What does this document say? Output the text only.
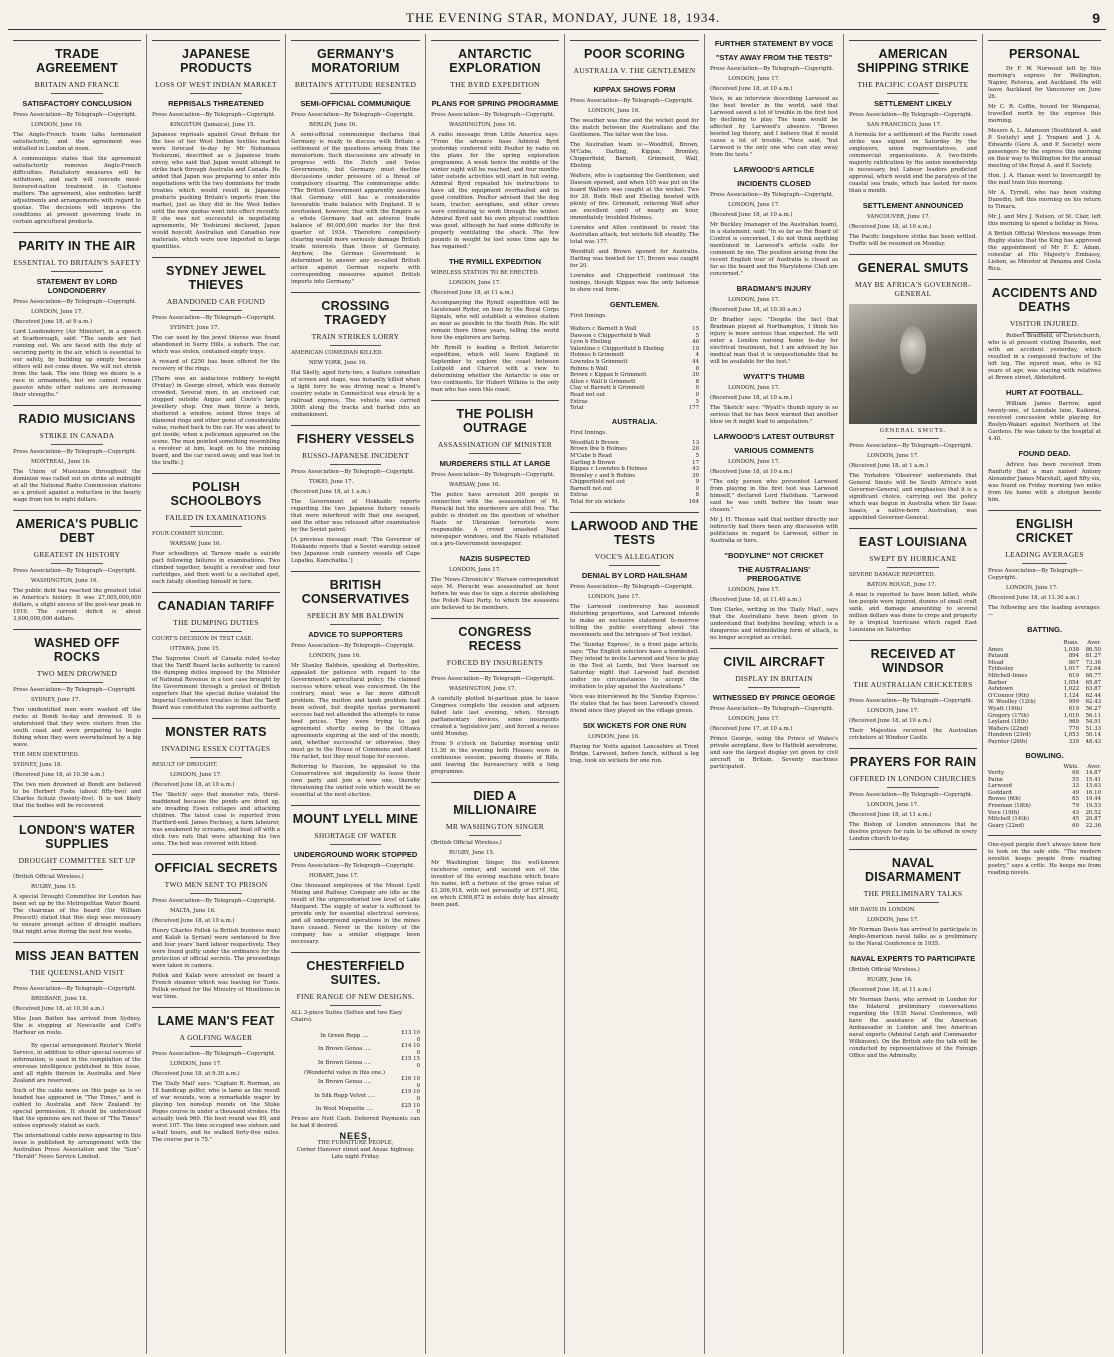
THE EVENING STAR, MONDAY, JUNE 18, 1934.	9
TRADE AGREEMENT
BRITAIN AND FRANCE
SATISFACTORY CONCLUSION
Press Association—By Telegraph—Copyright.

LONDON, June 16.

The Anglo-French trade talks terminated satisfactorily, and the agreement was initialled in London at noon.

A communique states that the agreement satisfactorily removes Anglo-French difficulties. Retaliatory measures will be withdrawn, and each will concede most-favoured-nation treatment in Customs matters. The agreement, also embodies tariff adjustments and arrangements with regard to quotas. The decisions will improve the conditions at present governing trade in certain agricultural products.

PARITY IN THE AIR
ESSENTIAL TO BRITAIN'S SAFETY
STATEMENT BY LORD LONDONDERRY
Press Association—By Telegraph—Copyright.

LONDON, June 17.

(Received June 18, at 9 a.m.)

Lord Londonderry (Air Minister), in a speech at Scarborough, said: "The sands are fast running out. We are faced with the duty of securing parity in the air, which is essential to our safety, by building up simply because others will not come down. We will not shrink from the task. The one thing we desire is a race in armaments, but we cannot remain passive while other nations are increasing their strengths."

RADIO MUSICIANS
STRIKE IN CANADA
Press Association—By Telegraph—Copyright.

MONTREAL, June 16.

The Union of Musicians throughout the dominion was called out on strike at midnight at all the National Radio Commission stations as a protest against a reduction in the hourly wage from ten to eight dollars.

AMERICA'S PUBLIC DEBT
GREATEST IN HISTORY
Press Association—By Telegraph—Copyright.

WASHINGTON, June 16.

The public debt has reached the greatest total in America's history. It was 27,005,000,000 dollars, a slight excess of the post-war peak in 1919. The current deficit is about 3,600,000,000 dollars.

WASHED OFF ROCKS
TWO MEN DROWNED
Press Association—By Telegraph—Copyright.

SYDNEY, June 17.

Two unidentified men were washed off the rocks at Bondi to-day and drowned. It is understood that they were visitors from the south coast and were preparing to begin fishing when they were overwhelmed by a big wave.

THE MEN IDENTIFIED.

SYDNEY, June 18.

(Received June 18, at 10.30 a.m.)

The two men drowned at Bondi are believed to be Herbert Foote (about fifty-two) and Charles Schulz (twenty-five). It is not likely that the bodies will be recovered.

LONDON'S WATER SUPPLIES
DROUGHT COMMITTEE SET UP
(British Official Wireless.)

RUGBY, June 15.

A special Drought Committee for London has been set up by the Metropolitan Water Board. The chairman of the board (Sir William Prescott) stated that this step was necessary to ensure prompt action if drought matters that might arise during the next few weeks.

MISS JEAN BATTEN
THE QUEENSLAND VISIT
Press Association—By Telegraph—Copyright.

BRISBANE, June 18.

(Received June 18, at 10.30 a.m.)

Miss Jean Batten has arrived from Sydney. She is stopping at Newcastle and Coff's Harbour en route.

By special arrangement Reuter's World Service, in addition to other special sources of information, is used in the compilation of the overseas intelligence published in this issue, and all rights therein in Australia and New Zealand are reserved.

Such of the cable news on this page as is so headed has appeared in "The Times," and is cabled to Australia and New Zealand by special permission. It should be understood that the opinions are not those of "The Times" unless expressly stated as such.

The international cable news appearing in this issue is published by arrangement with the Australian Press Association and the "Sun"-"Herald" News Service Limited.

JAPANESE PRODUCTS
LOSS OF WEST INDIAN MARKET
REPRISALS THREATENED
Press Association—By Telegraph—Copyright.

KINGSTON (Jamaica), June 15.

Japanese reprisals against Great Britain for the loss of her West Indian textiles market were forecast to-day by Mr Nobumasa Yoshizumi, described as a Japanese trade envoy, who said that Japan would attempt to strike back through Australia and Canada. He added that Japan was preparing to enter into negotiations with the two dominions for trade treaties which would result in Japanese products pushing Britain's imports from the market, just as they did in the West Indies until the new quotas went into effect recently. If she was not successful in negotiating agreements, Mr Yoshizumi declared, Japan would boycott Australian and Canadian raw materials, which were now imported in large quantities.

SYDNEY JEWEL THIEVES
ABANDONED CAR FOUND
Press Association—By Telegraph—Copyright.

SYDNEY, June 17.

The car used by the jewel thieves was found abandoned in Surry Hills, a suburb. The car, which was stolen, contained empty trays.

A reward of £250 has been offered for the recovery of the rings.

[There was an audacious robbery to-night (Friday) in George street, which was densely crowded. Several men, in an enclosed car, stopped outside Angus and Coote's large jewellery shop. One man threw a brick, shattered a window, seized three trays of diamond rings and other gems of considerable value, rushed back to the car. He was about to get inside, when a policeman appeared on the scene. The man pointed something resembling a revolver at him, leapt on to the running board, and the car raced away, and was lost in the traffic.]

POLISH SCHOOLBOYS
FAILED IN EXAMINATIONS
FOUR COMMIT SUICIDE.

WARSAW, June 16.

Four schoolboys at Tarnow made a suicide pact following failures in examinations. Two climbed together, bought a revolver and four cartridges, and then went to a secluded spot, each fatally shooting himself in turn.

CANADIAN TARIFF
THE DUMPING DUTIES
COURT'S DECISION IN TEST CASE.

OTTAWA, June 15.

The Supreme Court of Canada ruled to-day that the Tariff Board lacks authority to cancel the dumping duties imposed by the Minister of National Revenue in a test case brought by the Government through a protest of British exporters that the special duties violated the Imperial Conference treaties in that the Tariff Board was constituted the supreme authority.

MONSTER RATS
INVADING ESSEX COTTAGES
RESULT OF DROUGHT.

LONDON, June 17.

(Received June 18, at 10 a.m.)

The 'Sketch' says that monster rats, thirst-maddened because the ponds are dried up, are invading Essex cottages and attacking children. The latest case is reported from Hartford-end. James Fechney, a farm labourer, was awakened by screams, and beat off with a stick two rats that were attacking his two sons. The bed was covered with blood.

OFFICIAL SECRETS
TWO MEN SENT TO PRISON
Press Association—By Telegraph—Copyright.

MALTA, June 16.

(Received June 18, at 10 a.m.)

Henry Charles Pollok (a British business man) and Kalab (a Syrian) were sentenced to five and four years' hard labour respectively. They were found guilty under the ordinance for the protection of official secrets. The proceedings were taken in camera.

Pollok and Kalab were arrested on board a French steamer which was leaving for Tunis. Pollok worked for the Ministry of Munitions in war time.

LAME MAN'S FEAT
A GOLFING WAGER
Press Association—By Telegraph—Copyright.

LONDON, June 17.

(Received June 18, at 9.30 a.m.)

The 'Daily Mail' says: "Captain R. Norman, an 18 handicap golfer, who is lame as the result of war wounds, won a remarkable wager by playing ten nonstop rounds on the Stoke Poges course in under a thousand strokes. His actually took 960. His best round was 89, and worst 107. The time occupied was sixteen and a-half hours, and he walked forty-five miles. The course par is 75."

GERMANY'S MORATORIUM
BRITAIN'S ATTITUDE RESENTED
SEMI-OFFICIAL COMMUNIQUE
Press Association—By Telegraph—Copyright.

BERLIN, June 16.

A semi-official communique declares that Germany is ready to discuss with Britain a settlement of the questions arising from the moratorium. Such discussions are already in progress with the Dutch and Swiss Governments, but Germany must decline discussions under pressure of a threat of compulsory clearing. The communique adds: "The British Government apparently assumes that Germany still has a considerable favourable trade balance with England. It is overlooked, however, that with the Empire as a whole Germany had an adverse trade balance of 60,000,000 marks for the first quarter of 1934. Therefore compulsory clearing would more seriously damage British trade interests than those of Germany. Anyhow, the German Government is determined to answer any so-called British action against German exports with corresponding measures against British imports into Germany."

CROSSING TRAGEDY
TRAIN STRIKES LORRY
AMERICAN COMEDIAN KILLED.

NEW YORK, June 16.

Hal Skelly, aged forty-two, a feature comedian of screen and stage, was instantly killed when a light lorry he was driving near a friend's country estate in Connecticut was struck by a railroad express. The vehicle was carried 300ft along the tracks and hurled into an embankment.

FISHERY VESSELS
RUSSO-JAPANESE INCIDENT
Press Association—By Telegraph—Copyright.

TOKIO, June 17.

(Received June 18, at 1 a.m.)

The Government of Hokkaido reports regarding the two Japanese fishery vessels that were interfered with that one escaped, and the other was released after examination by the Soviet patrol.

[A previous message read: 'The Governor of Hokkaido reports that a Soviet warship seized two Japanese crab cannery vessels off Cape Lopatka, Kamchatka.']

BRITISH CONSERVATIVES
SPEECH BY MR BALDWIN
ADVICE TO SUPPORTERS
Press Association—By Telegraph—Copyright.

LONDON, June 16.

Mr Stanley Baldwin, speaking at Derbyshire, appealed for patience with regard to the Government's agricultural policy. He claimed success where wheat was concerned. On the contrary, meat was a far more difficult problem. The mutton and lamb problem had been solved, but despite quotas permanent success had not attended the attempts to raise beef prices. They were trying to get agreement shortly owing to the Ottawa agreements expiring at the end of the month, and, whether successful or otherwise, they must go to the House of Commons and stand the racket, but they must hope for success.

Referring to Fascism, he appealed to the Conservatives not impatiently to leave their own party and join a new one, thereby threatening the united vote which would be so essential at the next election.

MOUNT LYELL MINE
SHORTAGE OF WATER
UNDERGROUND WORK STOPPED
Press Association—By Telegraph—Copyright.

HOBART, June 17.

One thousand employees of the Mount Lyell Mining and Railway Company are idle as the result of the unprecedented low level of Lake Margaret. The supply of water is sufficient to provide only for essential electrical services, and all underground operations in the mines have ceased. Never in the history of the company has a similar stoppage been necessary.

CHESTERFIELD SUITES.
FINE RANGE OF NEW DESIGNS.
ALL 3-piece Suites (Settee and two Easy Chairs).
In Green Repp ....	£13 10 0
In Brown Genoa ....	£14 10 0
In Brown Genoa ....	£15 15 0
(Wonderful value in this one.)	
In Brown Genoa ....	£16 10 0
In Silk Repp Velvet ....	£19 10 0
In Wool Moquette ....	£25 10 0
Prices are Nett Cash. Deferred Payments can be had if desired.
NEES,
THE FURNITURE PEOPLE,
Corner Hanover street and Anzac highway.
Late night Friday.
ANTARCTIC EXPLORATION
THE BYRD EXPEDITION
PLANS FOR SPRING PROGRAMME
Press Association—By Telegraph—Copyright.

WASHINGTON, June 16.

A radio message from Little America says: "From the advance base Admiral Byrd yesterday conferred with Poulter by radio on the plans for the spring exploration programme. A week hence the middle of the winter night will be reached, and four months later outside activities will start in full swing. Admiral Byrd repeated his instructions to have all the equipment overhauled and in good condition. Poulter advised that the dog team, tractor, aeroplane, and other crews were continuing to work through the winter. Admiral Byrd said his own physical condition was good, although he had some difficulty in properly ventilating the shack. The few pounds in weight he lost some time ago he has regained."

THE RYMILL EXPEDITION
WIRELESS STATION TO BE ERECTED.

LONDON, June 17.

(Received June 18, at 11 a.m.)

Accompanying the Rymill expedition will be Lieutenant Ryder, on loan by the Royal Corps Signals, who will establish a wireless station as near as possible to the South Pole. He will remain there three years, telling the world how the explorers are faring.

Mr Rymill is leading a British Antarctic expedition, which will leave England in September to explore the coast between Luitpold and Charcot with a view to determining whether the Antarctic is one or two continents. Sir Hubert Wilkins is the only man who has seen this coast.

THE POLISH OUTRAGE
ASSASSINATION OF MINISTER
MURDERERS STILL AT LARGE
Press Association—By Telegraph—Copyright.

WARSAW, June 16.

The police have arrested 200 people in connection with the assassination of M. Pieracki but the murderers are still free. The public is divided on the question of whether Nazis or Ukrainian terrorists were responsible. A crowd smashed Nazi newspaper windows, and the Nazis retaliated on a pro-Government newspaper.

NAZIS SUSPECTED

LONDON, June 17.

The 'News-Chronicle's' Warsaw correspondent says M. Pieracki was assassinated an hour before he was due to sign a decree abolishing the Polish Nazi Party, to which the assassins are believed to be members.

CONGRESS RECESS
FORCED BY INSURGENTS
Press Association—By Telegraph—Copyright.

WASHINGTON, June 17.

A carefully plotted bi-partisan plan to leave Congress complete the session and adjourn failed late last evening, when, through parliamentary devices, some insurgents created a 'legislative jam', and forced a recess until Monday.

From 9 o'clock on Saturday morning until 11.30 in the evening both Houses were in continuous session, passing dozens of Bills, and leaving the bureaucracy with a long programme.

DIED A MILLIONAIRE
MR WASHINGTON SINGER
(British Official Wireless.)

RUGBY, June 15.

Mr Washington Singer, the well-known racehorse owner, and second son of the inventor of the sewing machine which bears his name, left a fortune of the gross value of £1,206,918, with net personalty of £971,902, on which £368,872 in estate duty has already been paid.

POOR SCORING
AUSTRALIA V. THE GENTLEMEN
KIPPAX SHOWS FORM
Press Association—By Telegraph—Copyright.

LONDON, June 16.

The weather was fine and the wicket good for the match between the Australians and the Gentlemen. The latter won the toss.

The Australian team is:—Woodfull, Brown, M'Cabe, Darling, Kippax, Bromley, Chipperfield, Barnett, Grimmett, Wall, Ebeling.

Walters, who is captaining the Gentlemen, and Dawson opened, and when 105 was put on the board Walters was caught at the wicket. Two for 28. Both Wall and Ebeling bowled with plenty of fire. Grimmett, relieving Wall after an excellent spell of nearly an hour, immediately troubled Holmes.

Lowndes and Allen continued to resist the Australian attack, but wickets fell steadily. The total was 177.

Woodfull and Brown opened for Australia. Darling was bowled for 17; Brown was caught for 20.

Lowndes and Chipperfield continued the innings, though Kippax was the only batsman to show real form.

GENTLEMEN.
First Innings.
Walters c Barnett b Wall	15
Dawson c Chipperfield b Wall	5
Lyon b Ebeling	40
Valentine c Chipperfield b Ebeling	19
Holmes b Grimmett	4
Lowndes b Grimmett	44
Robins b Wall	8
Brown c Kippax b Grimmett	30
Allen c Wall b Grimmett	8
Clay st Barnett b Grimmett	0
Read not out	0
Extras	5
Total	177
AUSTRALIA.
First Innings.
Woodfull b Brown	13
Brown lbw b Holmes	20
M'Cabe b Read	5
Darling b Brown	17
Kippax c Lowndes b Holmes	43
Bromley c and b Robins	30
Chipperfield not out	9
Barnett not out	0
Extras	8
Total for six wickets	164
LARWOOD AND THE TESTS
VOCE'S ALLEGATION
DENIAL BY LORD HAILSHAM
Press Association—By Telegraph—Copyright.

LONDON, June 17.

The Larwood controversy has assumed disturbing proportions, and Larwood intends to make an exclusive statement to-morrow telling the public everything about the movements and the intrigues of Test cricket.

The 'Sunday Express', in a front page article, says: "The English selectors have a bombshell. They intend to invite Larwood and Voce to play in the Test at Lords, but Voce learned on Saturday night that Larwood had decided under no circumstances to accept the invitation to play against the Australians."

Voce was interviewed by the 'Sunday Express.' He states that he has been Larwood's closest friend since they played on the village green.

SIX WICKETS FOR ONE RUN

LONDON, June 16.

Playing for Notts against Lancashire at Trent Bridge, Larwood, before lunch, without a leg trap, took six wickets for one run.

FURTHER STATEMENT BY VOCE
"STAY AWAY FROM THE TESTS"
Press Association—By Telegraph—Copyright.

LONDON, June 17.

(Received June 18, at 10 a.m.)

Voce, in an interview describing Larwood as the best bowler in the world, said that Larwood saved a lot of trouble in the first test by declining to play. The team would be affected by Larwood's absence. "Bowes bowled leg theory, and I believe that it would cause a lot of trouble, "Voce said, "but Larwood is the only one who can stay away from the tests."

LARWOOD'S ARTICLE
INCIDENTS CLOSED
Press Association—By Telegraph—Copyright.

LONDON, June 17.

(Received June 18, at 10 a.m.)

Mr Buckley (manager of the Australian team), in a statement, said: "In so far as the Board of Control is concerned, I do not think anything mentioned in Larwood's article calls for comment by me. The position arising from the recent English tour of Australia is closed as far as the board and the Marylebone Club are concerned."

BRADMAN'S INJURY

LONDON, June 17.

(Received June 18, at 10.30 a.m.)

Dr Bradley says: "Despite the fact that Bradman played at Northampton, I think his injury is more serious than expected. He will enter a London nursing home to-day for electrical treatment, but I am advised by his medical man that it is unquestionable that he will be available for the test."

WYATT'S THUMB

LONDON, June 17.

(Received June 18, at 10 a.m.)

The 'Sketch' says: "Wyatt's thumb injury is so serious that he has been warned that another blow on it might lead to amputation."

LARWOOD'S LATEST OUTBURST
VARIOUS COMMENTS

LONDON, June 17.

(Received June 18, at 10 a.m.)

"The only person who prevented Larwood from playing in the first test was Larwood himself," declared Lord Hailsham. "Larwood said he was unfit before the team was chosen."

Mr J. H. Thomas said that neither directly nor indirectly had there been any discussion with politicians in regard to Larwood, either in Australia or here.

"BODYLINE" NOT CRICKET
THE AUSTRALIANS' PREROGATIVE

LONDON, June 17.

(Received June 18, at 11.40 a.m.)

Tom Clarke, writing in the 'Daily Mail', says that the Australians have been given to understand that bodyline bowling, which is a dangerous and intimidating form of attack, is no longer accepted as cricket.

CIVIL AIRCRAFT
DISPLAY IN BRITAIN
WITNESSED BY PRINCE GEORGE
Press Association—By Telegraph—Copyright.

LONDON, June 17.

(Received June 17, at 10 a.m.)

Prince George, using the Prince of Wales's private aeroplane, flew to Hatfield aerodrome, and saw the largest display yet given by civil aircraft in Britain. Seventy machines participated.

AMERICAN SHIPPING STRIKE
THE PACIFIC COAST DISPUTE
SETTLEMENT LIKELY
Press Association—By Telegraph—Copyright.

SAN FRANCISCO, June 17.

A formula for a settlement of the Pacific coast strike was signed on Saturday by the employers, union representatives, and commercial organisations. A two-thirds majority ratification by the union membership is necessary, but Labour leaders predicted approval, which would end the paralysis of the coastal sea trade, which has lasted for more than a month.

SETTLEMENT ANNOUNCED

VANCOUVER, June 17.

(Received June 18, at 10 a.m.)

The Pacific longshore strike has been settled. Traffic will be resumed on Monday.

GENERAL SMUTS
MAY BE AFRICA'S GOVERNOR-GENERAL
GENERAL SMUTS.
Press Association—By Telegraph—Copyright.

LONDON, June 17.

(Received June 18, at 1 a.m.)

The Yorkshire 'Observer' understands that General Smuts will be South Africa's next Governor-General, and emphasises that it is a significant choice, carrying out the policy which was begun in Australia when Sir Isaac Isaacs, a native-born Australian, was appointed Governor-General.

EAST LOUISIANA
SWEPT BY HURRICANE
SEVERE DAMAGE REPORTED.

BATON ROUGE, June 17.

A man is reported to have been killed, while ten people were injured, dozens of small craft sank, and damage amounting to several million dollars was done to crops and property by a tropical hurricane which raged East Louisiana on Saturday.

RECEIVED AT WINDSOR
THE AUSTRALIAN CRICKETERS
Press Association—By Telegraph—Copyright.

LONDON, June 17.

(Received June 18, at 10 a.m.)

Their Majesties received the Australian cricketers at Windsor Castle.

PRAYERS FOR RAIN
OFFERED IN LONDON CHURCHES
Press Association—By Telegraph—Copyright.

LONDON, June 17.

(Received June 18, at 11 a.m.)

The Bishop of London announces that he desires prayers for rain to be offered in every London church to-day.

NAVAL DISARMAMENT
THE PRELIMINARY TALKS
MR DAVIS IN LONDON.

LONDON, June 17.

Mr Norman Davis has arrived to participate in Anglo-American naval talks as a preliminary to the Naval Conference in 1935.

NAVAL EXPERTS TO PARTICIPATE
(British Official Wireless.)

RUGBY, June 16.

(Received June 18, at 11 a.m.)

Mr Norman Davis, who arrived in London for the bilateral preliminary conversations regarding the 1935 Naval Conference, will have the assistance of the American Ambassador in London and two American naval experts (Admiral Leigh and Commander Wilkinson). On the British side the talk will be conducted by representatives of the Foreign Office and the Admiralty.

PERSONAL

Dr F. W. Norwood left by this morning's express for Wellington, Napier, Rotorua, and Auckland. He will leave Auckland for Vancouver on June 26.

Mr C. R. Coffin, bound for Wanganui, travelled north by the express this morning.

Messrs A. L. Adamson (Southland A. and P. Society) and J. Yrapani and J. A. Edwards (Gore A. and P. Society) were passengers by the express this morning on their way to Wellington for the annual meeting of the Royal A. and P. Society.

Hon. J. A. Hanan went to Invercargill by the mail train this morning.

Mr A. Tyrrell, who has been visiting Dunedin, left this morning on his return to Timaru.

Mr J. and Mrs J. Nelson, of St. Clair, left this morning to spend a holiday in Nova.

A British Official Wireless message from Rugby states that the King has approved the appointment of Mr F. E. Adam, consular at His Majesty's Embassy, Lisbon, as Minister at Panama and Costa Rica.

ACCIDENTS AND DEATHS
VISITOR INJURED.

Robert Bradfield, of Christchurch, who is at present visiting Dunedin, met with an accident yesterday, which resulted in a compound fracture of the left leg. The injured man, who is 62 years of age, was staying with relatives at Brown street, Abbotsford.

HURT AT FOOTBALL.

William James Barrow, aged twenty-one, of Lonsdale lane, Kaikorai, received concussion while playing for Roslyn-Wakari against Northern at the Gardens. He was taken to the hospital at 4.40.

FOUND DEAD.

Advice has been received from Ranfurly that a man named Antony Alexander James Marshall, aged fifty-six, was found on Friday morning two miles from his home with a shotgun beside him.

ENGLISH CRICKET
LEADING AVERAGES
Press Association—By Telegraph—Copyright.

LONDON, June 17.

(Received June 18, at 11.30 a.m.)

The following are the leading averages:—

BATTING.
	Runs.	Aver.
Ames	1,038	86.50
Pataudi	894	81.27
Mead	807	73.36
Tyldesley	1,017	72.64
Mitchell-Innes	619	68.77
Barber	1,054	65.87
Ashdown	1,022	63.87
O'Connor (9th)	1,124	62.44
W. Woolley (12th)	999	62.43
Wyatt (16th)	619	56.27
Gregory (17th)	1,010	56.11
Leyland (18th)	969	54.91
Walters (22nd)	770	51.33
Hendren (23rd)	1,053	50.14
Paynter (26th)	339	48.43
BOWLING.
	Wkts.	Aver.
Verity	68	14.87
Paine	55	15.41
Larwood	33	15.63
Goddard	49	16.10
Bowes (6th)	65	19.44
Freeman (18th)	79	19.53
Voce (19th)	43	20.52
Mitchell (14th)	45	20.87
Geary (22nd)	60	22.36

One-eyed people don't always know how to look on the safe side. "The modern novelist keeps people from reading poetry," says a critic. He keeps me from reading novels.
